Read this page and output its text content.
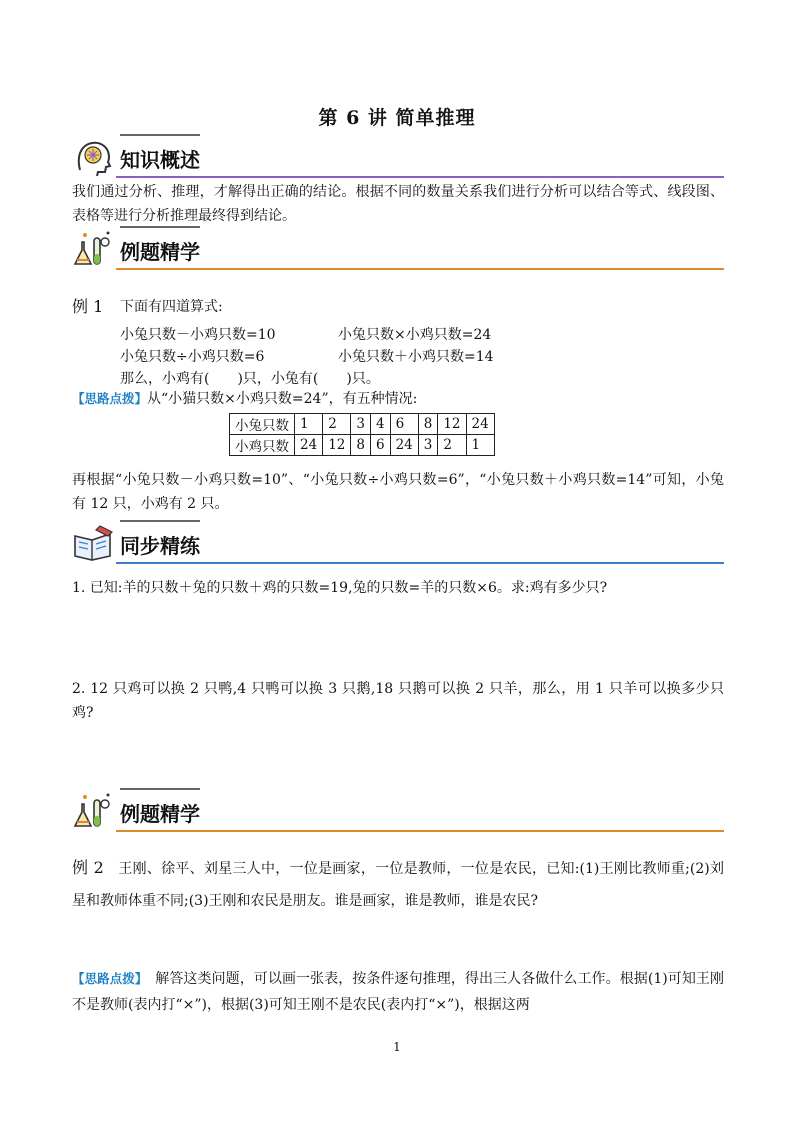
第 6 讲 简单推理
知识概述
我们通过分析、推理，才解得出正确的结论。根据不同的数量关系我们进行分析可以结合等式、线段图、表格等进行分析推理最终得到结论。
例题精学
例 1 下面有四道算式:
小兔只数－小鸡只数=10	小兔只数×小鸡只数=24
小兔只数÷小鸡只数=6	小兔只数＋小鸡只数=14
那么，小鸡有(　　)只，小兔有(　　)只。
【思路点拨】从“小猫只数×小鸡只数=24”，有五种情况:
小兔只数	1	2	3	4	6	8	12	24
小鸡只数	24	12	8	6	24	3	2	1
再根据“小兔只数－小鸡只数=10”、“小兔只数÷小鸡只数=6”，“小兔只数＋小鸡只数=14”可知，小兔有 12 只，小鸡有 2 只。
同步精练
1. 已知:羊的只数＋兔的只数＋鸡的只数=19,兔的只数=羊的只数×6。求:鸡有多少只?
2. 12 只鸡可以换 2 只鸭,4 只鸭可以换 3 只鹅,18 只鹅可以换 2 只羊，那么，用 1 只羊可以换多少只鸡?
例题精学
例 2　 王刚、徐平、刘星三人中，一位是画家，一位是教师，一位是农民，已知:(1)王刚比教师重;(2)刘星和教师体重不同;(3)王刚和农民是朋友。谁是画家，谁是教师，谁是农民?
【思路点拨】　解答这类问题，可以画一张表，按条件逐句推理，得出三人各做什么工作。根据(1)可知王刚不是教师(表内打“×”)，根据(3)可知王刚不是农民(表内打“×”)，根据这两
1
